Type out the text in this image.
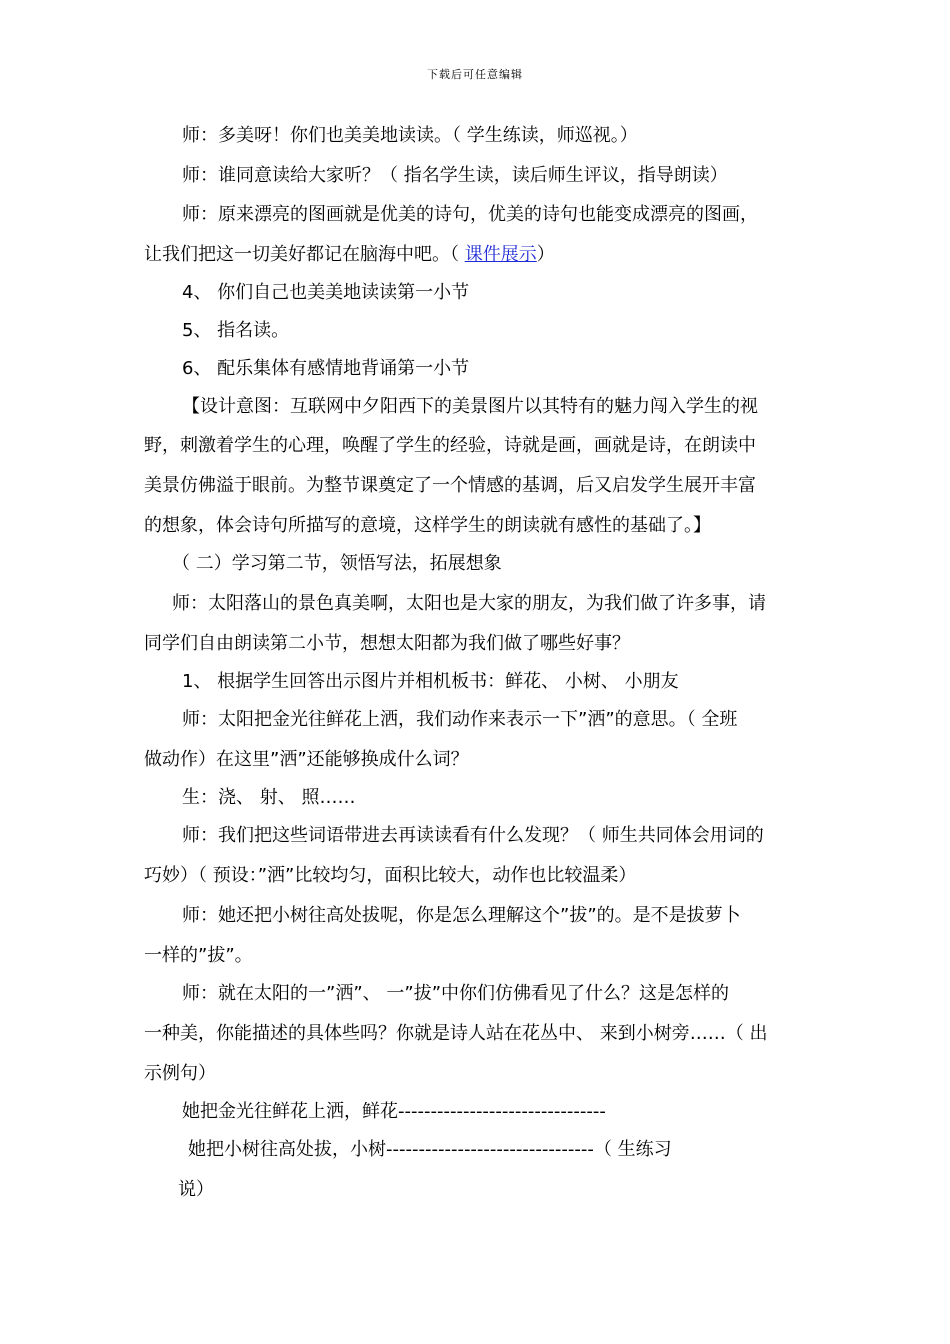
下载后可任意编辑
师：多美呀！你们也美美地读读。（ 学生练读，师巡视。）
师：谁同意读给大家听？（ 指名学生读，读后师生评议，指导朗读）
师：原来漂亮的图画就是优美的诗句，优美的诗句也能变成漂亮的图画，
让我们把这一切美好都记在脑海中吧。（ 课件展示）
4、 你们自己也美美地读读第一小节
5、 指名读。
6、 配乐集体有感情地背诵第一小节
【设计意图：互联网中夕阳西下的美景图片以其特有的魅力闯入学生的视
野，刺激着学生的心理，唤醒了学生的经验，诗就是画，画就是诗，在朗读中
美景仿佛溢于眼前。为整节课奠定了一个情感的基调，后又启发学生展开丰富
的想象，体会诗句所描写的意境，这样学生的朗读就有感性的基础了。】
（ 二）学习第二节，领悟写法，拓展想象
师：太阳落山的景色真美啊，太阳也是大家的朋友，为我们做了许多事，请
同学们自由朗读第二小节，想想太阳都为我们做了哪些好事？
1、 根据学生回答出示图片并相机板书：鲜花、 小树、 小朋友
师：太阳把金光往鲜花上洒，我们动作来表示一下”洒”的意思。（ 全班
做动作）在这里”洒”还能够换成什么词？
生：浇、 射、 照……
师：我们把这些词语带进去再读读看有什么发现？（ 师生共同体会用词的
巧妙）（ 预设：”洒”比较均匀，面积比较大，动作也比较温柔）
师：她还把小树往高处拔呢，你是怎么理解这个”拔”的。是不是拔萝卜
一样的”拔”。
师：就在太阳的一”洒”、 一”拔”中你们仿佛看见了什么？这是怎样的
一种美，你能描述的具体些吗？你就是诗人站在花丛中、 来到小树旁……（ 出
示例句）
她把金光往鲜花上洒，鲜花--------------------------------
她把小树往高处拔，小树--------------------------------（ 生练习
说）
